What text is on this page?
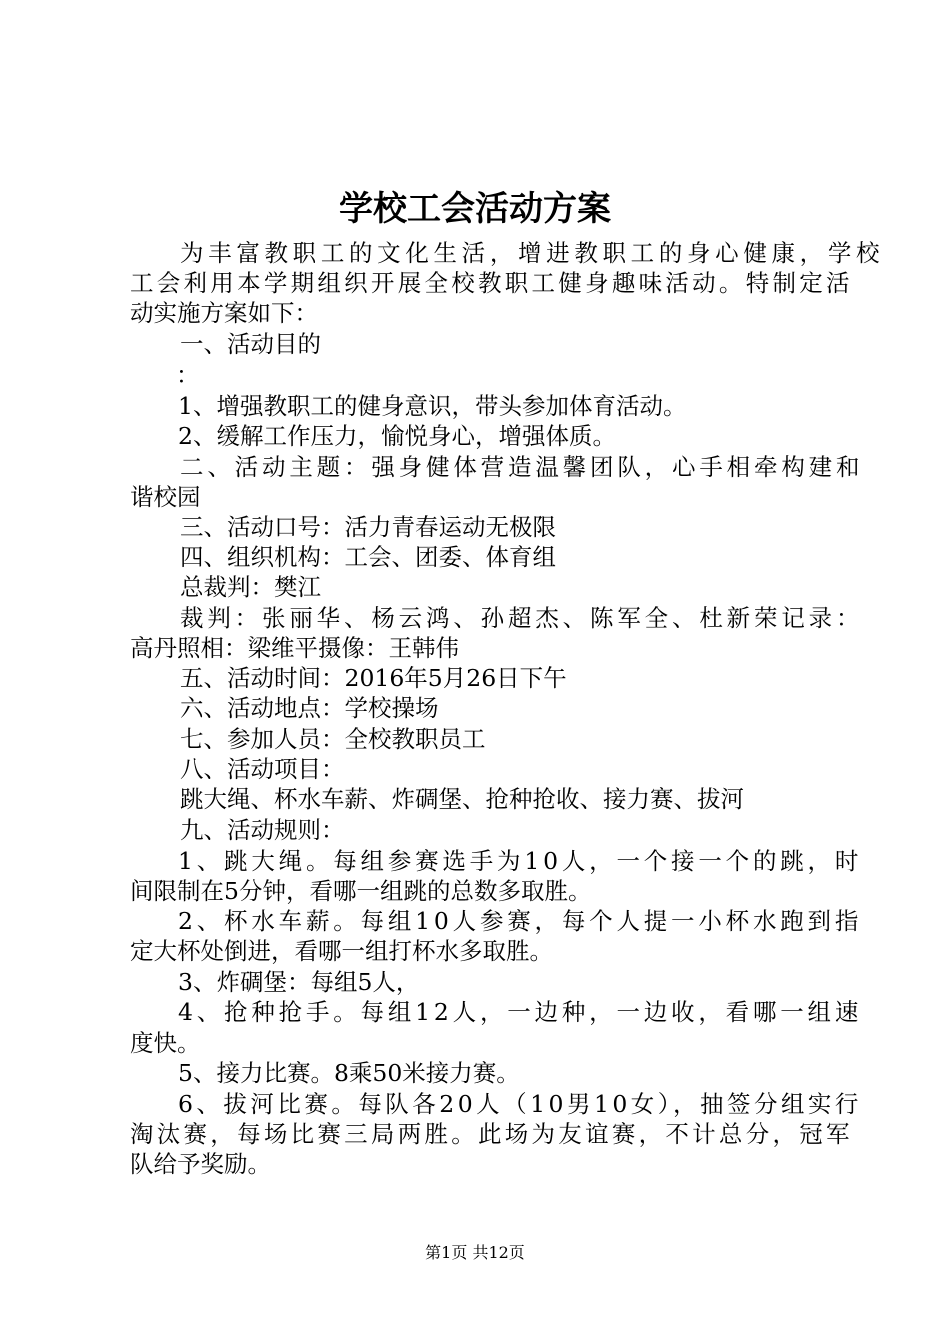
学校工会活动方案
为丰富教职工的文化生活，增进教职工的身心健康，学校
工会利用本学期组织开展全校教职工健身趣味活动。特制定活
动实施方案如下：
一、活动目的
：
1、增强教职工的健身意识，带头参加体育活动。
2、缓解工作压力，愉悦身心，增强体质。
二、活动主题：强身健体营造温馨团队，心手相牵构建和
谐校园
三、活动口号：活力青春运动无极限
四、组织机构：工会、团委、体育组
总裁判：樊江
裁判：张丽华、杨云鸿、孙超杰、陈军全、杜新荣记录：
高丹照相：梁维平摄像：王韩伟
五、活动时间：2016年5月26日下午
六、活动地点：学校操场
七、参加人员：全校教职员工
八、活动项目：
跳大绳、杯水车薪、炸碉堡、抢种抢收、接力赛、拔河
九、活动规则：
1、跳大绳。每组参赛选手为10人，一个接一个的跳，时
间限制在5分钟，看哪一组跳的总数多取胜。
2、杯水车薪。每组10人参赛，每个人提一小杯水跑到指
定大杯处倒进，看哪一组打杯水多取胜。
3、炸碉堡：每组5人，
4、抢种抢手。每组12人，一边种，一边收，看哪一组速
度快。
5、接力比赛。8乘50米接力赛。
6、拔河比赛。每队各20人（10男10女），抽签分组实行
淘汰赛，每场比赛三局两胜。此场为友谊赛，不计总分，冠军
队给予奖励。
第1页 共12页
